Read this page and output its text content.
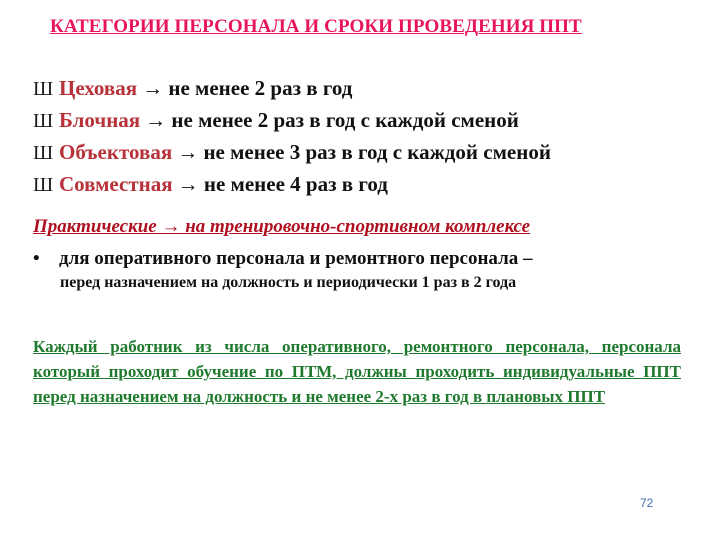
КАТЕГОРИИ ПЕРСОНАЛА И СРОКИ ПРОВЕДЕНИЯ ППТ
Ш Цеховая → не менее 2 раз в год
Ш Блочная → не менее 2 раз в год с каждой сменой
Ш Объектовая → не менее 3 раз в год с каждой сменой
Ш Совместная → не менее 4 раз в год
Практические → на тренировочно-спортивном комплексе
•	для оперативного персонала и ремонтного персонала –
перед назначением на должность и периодически 1 раз в 2 года
Каждый работник из числа оперативного, ремонтного персонала, персонала который проходит обучение по ПТМ, должны проходить индивидуальные ППТ перед назначением на должность и не менее 2-х раз в год в плановых ППТ
72
